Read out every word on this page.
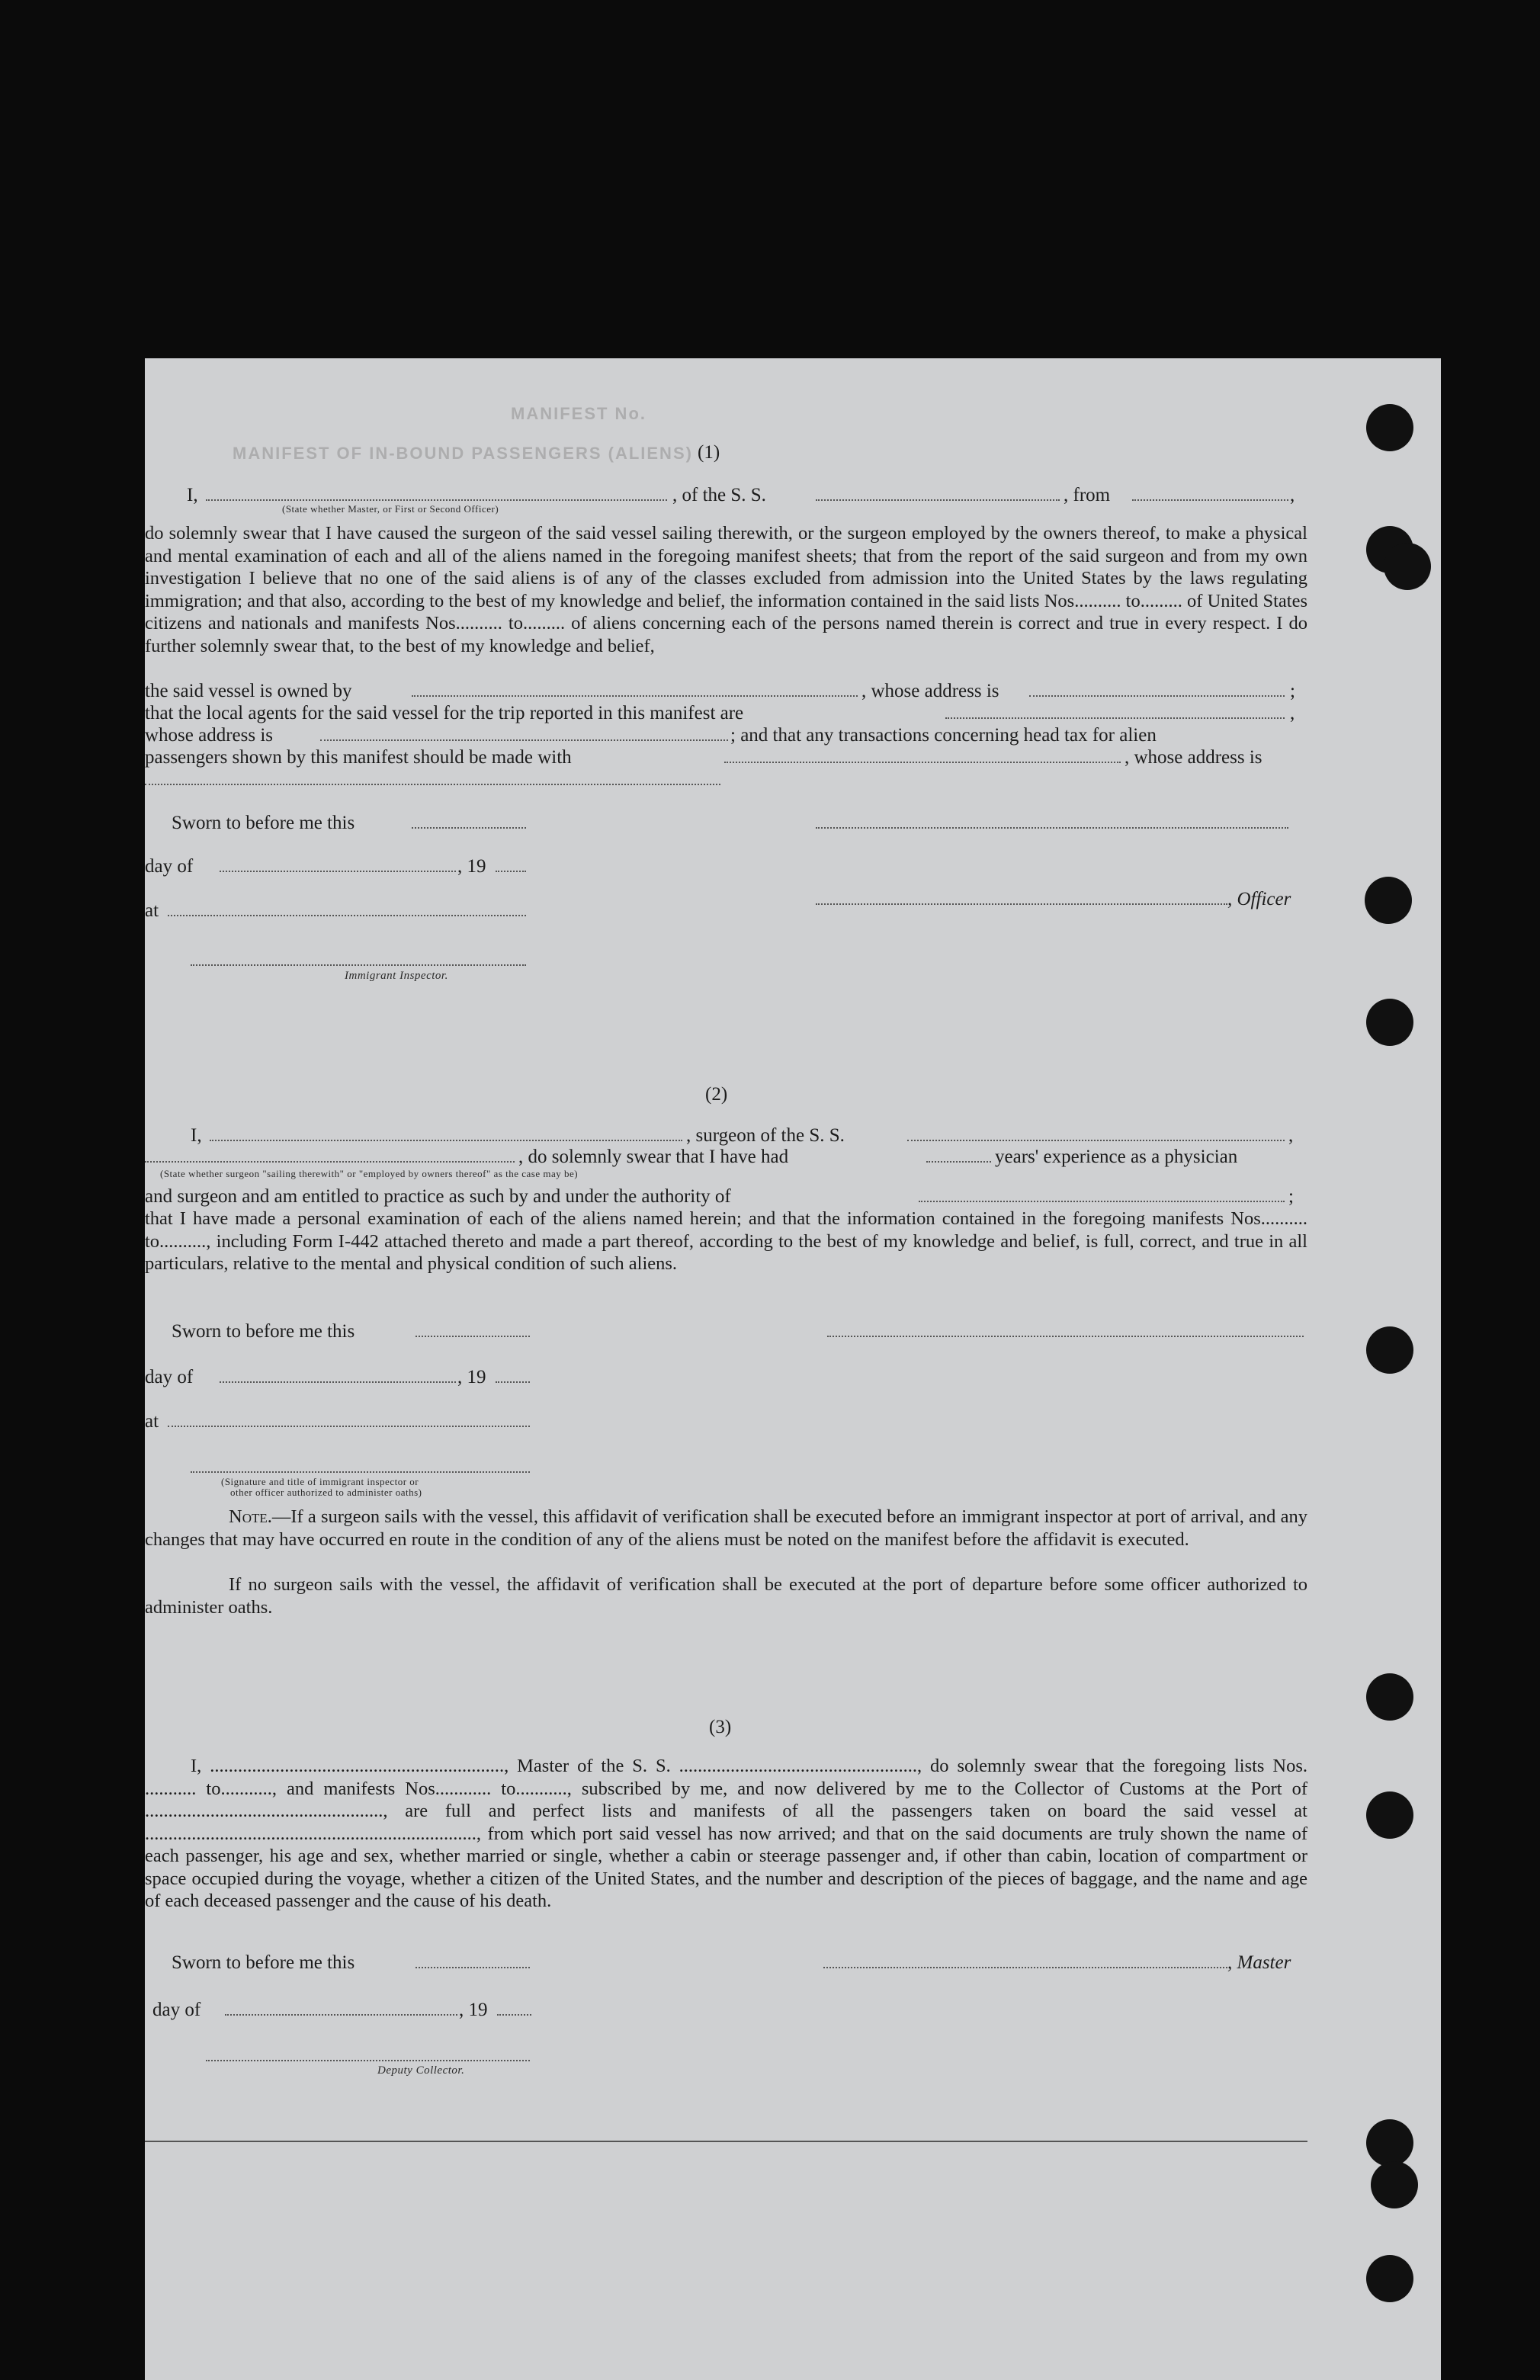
MANIFEST No.
MANIFEST OF IN-BOUND PASSENGERS (ALIENS) (1)
I,	, of the S. S.	, from	,
(State whether Master, or First or Second Officer)
do solemnly swear that I have caused the surgeon of the said vessel sailing therewith, or the surgeon employed by the owners thereof, to make a physical and mental examination of each and all of the aliens named in the foregoing manifest sheets; that from the report of the said surgeon and from my own investigation I believe that no one of the said aliens is of any of the classes excluded from admission into the United States by the laws regulating immigration; and that also, according to the best of my knowledge and belief, the information contained in the said lists Nos.......... to......... of United States citizens and nationals and manifests Nos.......... to......... of aliens concerning each of the persons named therein is correct and true in every respect. I do further solemnly swear that, to the best of my knowledge and belief,
the said vessel is owned by	, whose address is	;
that the local agents for the said vessel for the trip reported in this manifest are	,
whose address is	; and that any transactions concerning head tax for alien
passengers shown by this manifest should be made with	, whose address is
Sworn to before me this
day of	, 19
, Officer
at
Immigrant Inspector.
(2)
I,	, surgeon of the S. S.	,
, do solemnly swear that I have had	years' experience as a physician
(State whether surgeon "sailing therewith" or "employed by owners thereof" as the case may be)
and surgeon and am entitled to practice as such by and under the authority of	;
that I have made a personal examination of each of the aliens named herein; and that the information contained in the foregoing manifests Nos.......... to.........., including Form I-442 attached thereto and made a part thereof, according to the best of my knowledge and belief, is full, correct, and true in all particulars, relative to the mental and physical condition of such aliens.
Sworn to before me this
day of	, 19
at
(Signature and title of immigrant inspector or
other officer authorized to administer oaths)
Note.—If a surgeon sails with the vessel, this affidavit of verification shall be executed before an immigrant inspector at port of arrival, and any changes that may have occurred en route in the condition of any of the aliens must be noted on the manifest before the affidavit is executed.
If no surgeon sails with the vessel, the affidavit of verification shall be executed at the port of departure before some officer authorized to administer oaths.
(3)
I, ..............................................................., Master of the S. S. ..................................................., do solemnly swear that the foregoing lists Nos. ........... to..........., and manifests Nos............ to..........., subscribed by me, and now delivered by me to the Collector of Customs at the Port of ..................................................., are full and perfect lists and manifests of all the passengers taken on board the said vessel at ......................................................................., from which port said vessel has now arrived; and that on the said documents are truly shown the name of each passenger, his age and sex, whether married or single, whether a cabin or steerage passenger and, if other than cabin, location of compartment or space occupied during the voyage, whether a citizen of the United States, and the number and description of the pieces of baggage, and the name and age of each deceased passenger and the cause of his death.
Sworn to before me this	, Master
day of	, 19
Deputy Collector.
